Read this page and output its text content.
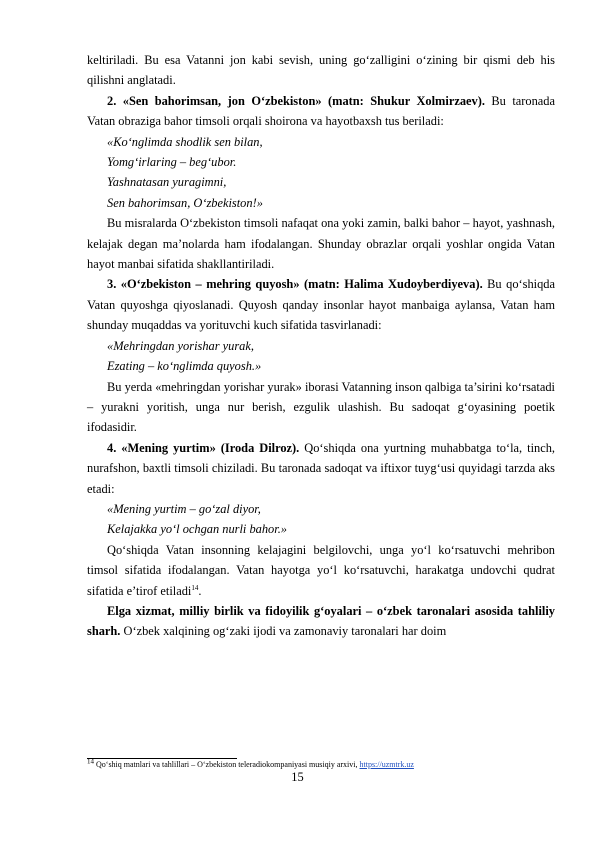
keltiriladi. Bu esa Vatanni jon kabi sevish, uning go‘zalligini o‘zining bir qismi deb his qilishni anglatadi.

2. «Sen bahorimsan, jon O‘zbekiston» (matn: Shukur Xolmirzaev). Bu taronada Vatan obraziga bahor timsoli orqali shoirona va hayotbaxsh tus beriladi:

«Ko‘nglimda shodlik sen bilan,

Yomg‘irlaring – beg‘ubor.

Yashnatasan yuragimni,

Sen bahorimsan, O‘zbekiston!»

Bu misralarda O‘zbekiston timsoli nafaqat ona yoki zamin, balki bahor – hayot, yashnash, kelajak degan ma’nolarda ham ifodalangan. Shunday obrazlar orqali yoshlar ongida Vatan hayot manbai sifatida shakllantiriladi.

3. «O‘zbekiston – mehring quyosh» (matn: Halima Xudoyberdiyeva). Bu qo‘shiqda Vatan quyoshga qiyoslanadi. Quyosh qanday insonlar hayot manbaiga aylansa, Vatan ham shunday muqaddas va yorituvchi kuch sifatida tasvirlanadi:

«Mehringdan yorishar yurak,

Ezating – ko‘nglimda quyosh.»

Bu yerda «mehringdan yorishar yurak» iborasi Vatanning inson qalbiga ta’sirini ko‘rsatadi – yurakni yoritish, unga nur berish, ezgulik ulashish. Bu sadoqat g‘oyasining poetik ifodasidir.

4. «Mening yurtim» (Iroda Dilroz). Qo‘shiqda ona yurtning muhabbatga to‘la, tinch, nurafshon, baxtli timsoli chiziladi. Bu taronada sadoqat va iftixor tuyg‘usi quyidagi tarzda aks etadi:

«Mening yurtim – go‘zal diyor,

Kelajakka yo‘l ochgan nurli bahor.»

Qo‘shiqda Vatan insonning kelajagini belgilovchi, unga yo‘l ko‘rsatuvchi mehribon timsol sifatida ifodalangan. Vatan hayotga yo‘l ko‘rsatuvchi, harakatga undovchi qudrat sifatida e’tirof etiladi$^{14}$.

Elga xizmat, milliy birlik va fidoyilik g‘oyalari – o‘zbek taronalari asosida tahliliy sharh. O‘zbek xalqining og‘zaki ijodi va zamonaviy taronalari har doim

$^{14}$ Qo‘shiq matnlari va tahlillari – O‘zbekiston teleradiokompaniyasi musiqiy arxivi, https://uzmtrk.uz
15
